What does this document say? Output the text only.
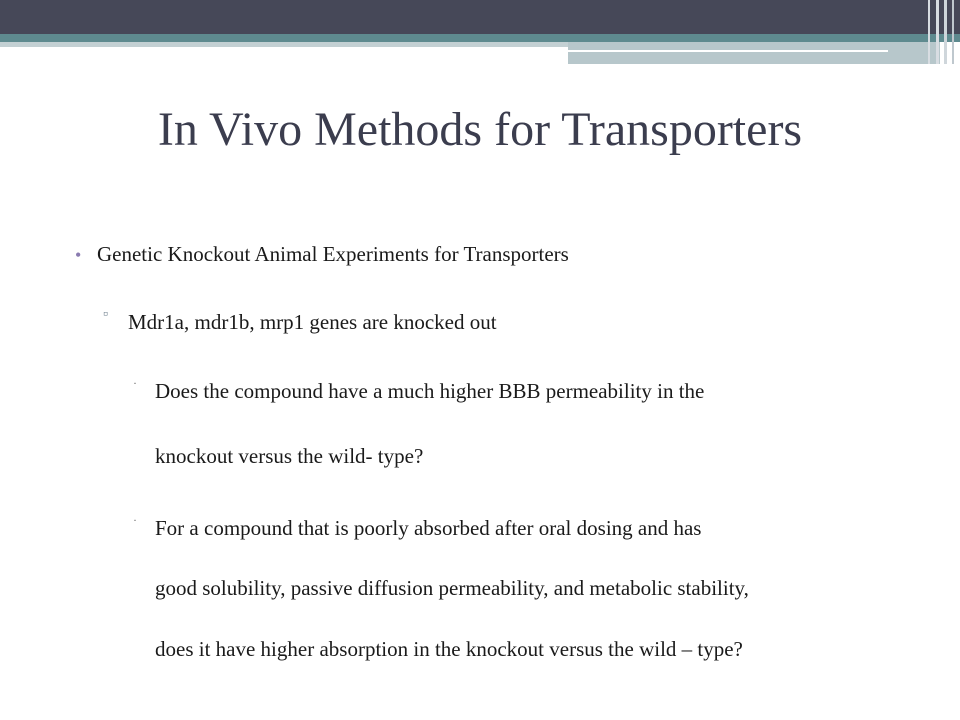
In Vivo Methods for Transporters
• Genetic Knockout Animal Experiments for Transporters
▫ Mdr1a, mdr1b, mrp1 genes are knocked out
· Does the compound have a much higher BBB permeability in the
knockout versus the wild- type?
· For a compound that is poorly absorbed after oral dosing and has
good solubility, passive diffusion permeability, and metabolic stability,
does it have higher absorption in the knockout versus the wild – type?
